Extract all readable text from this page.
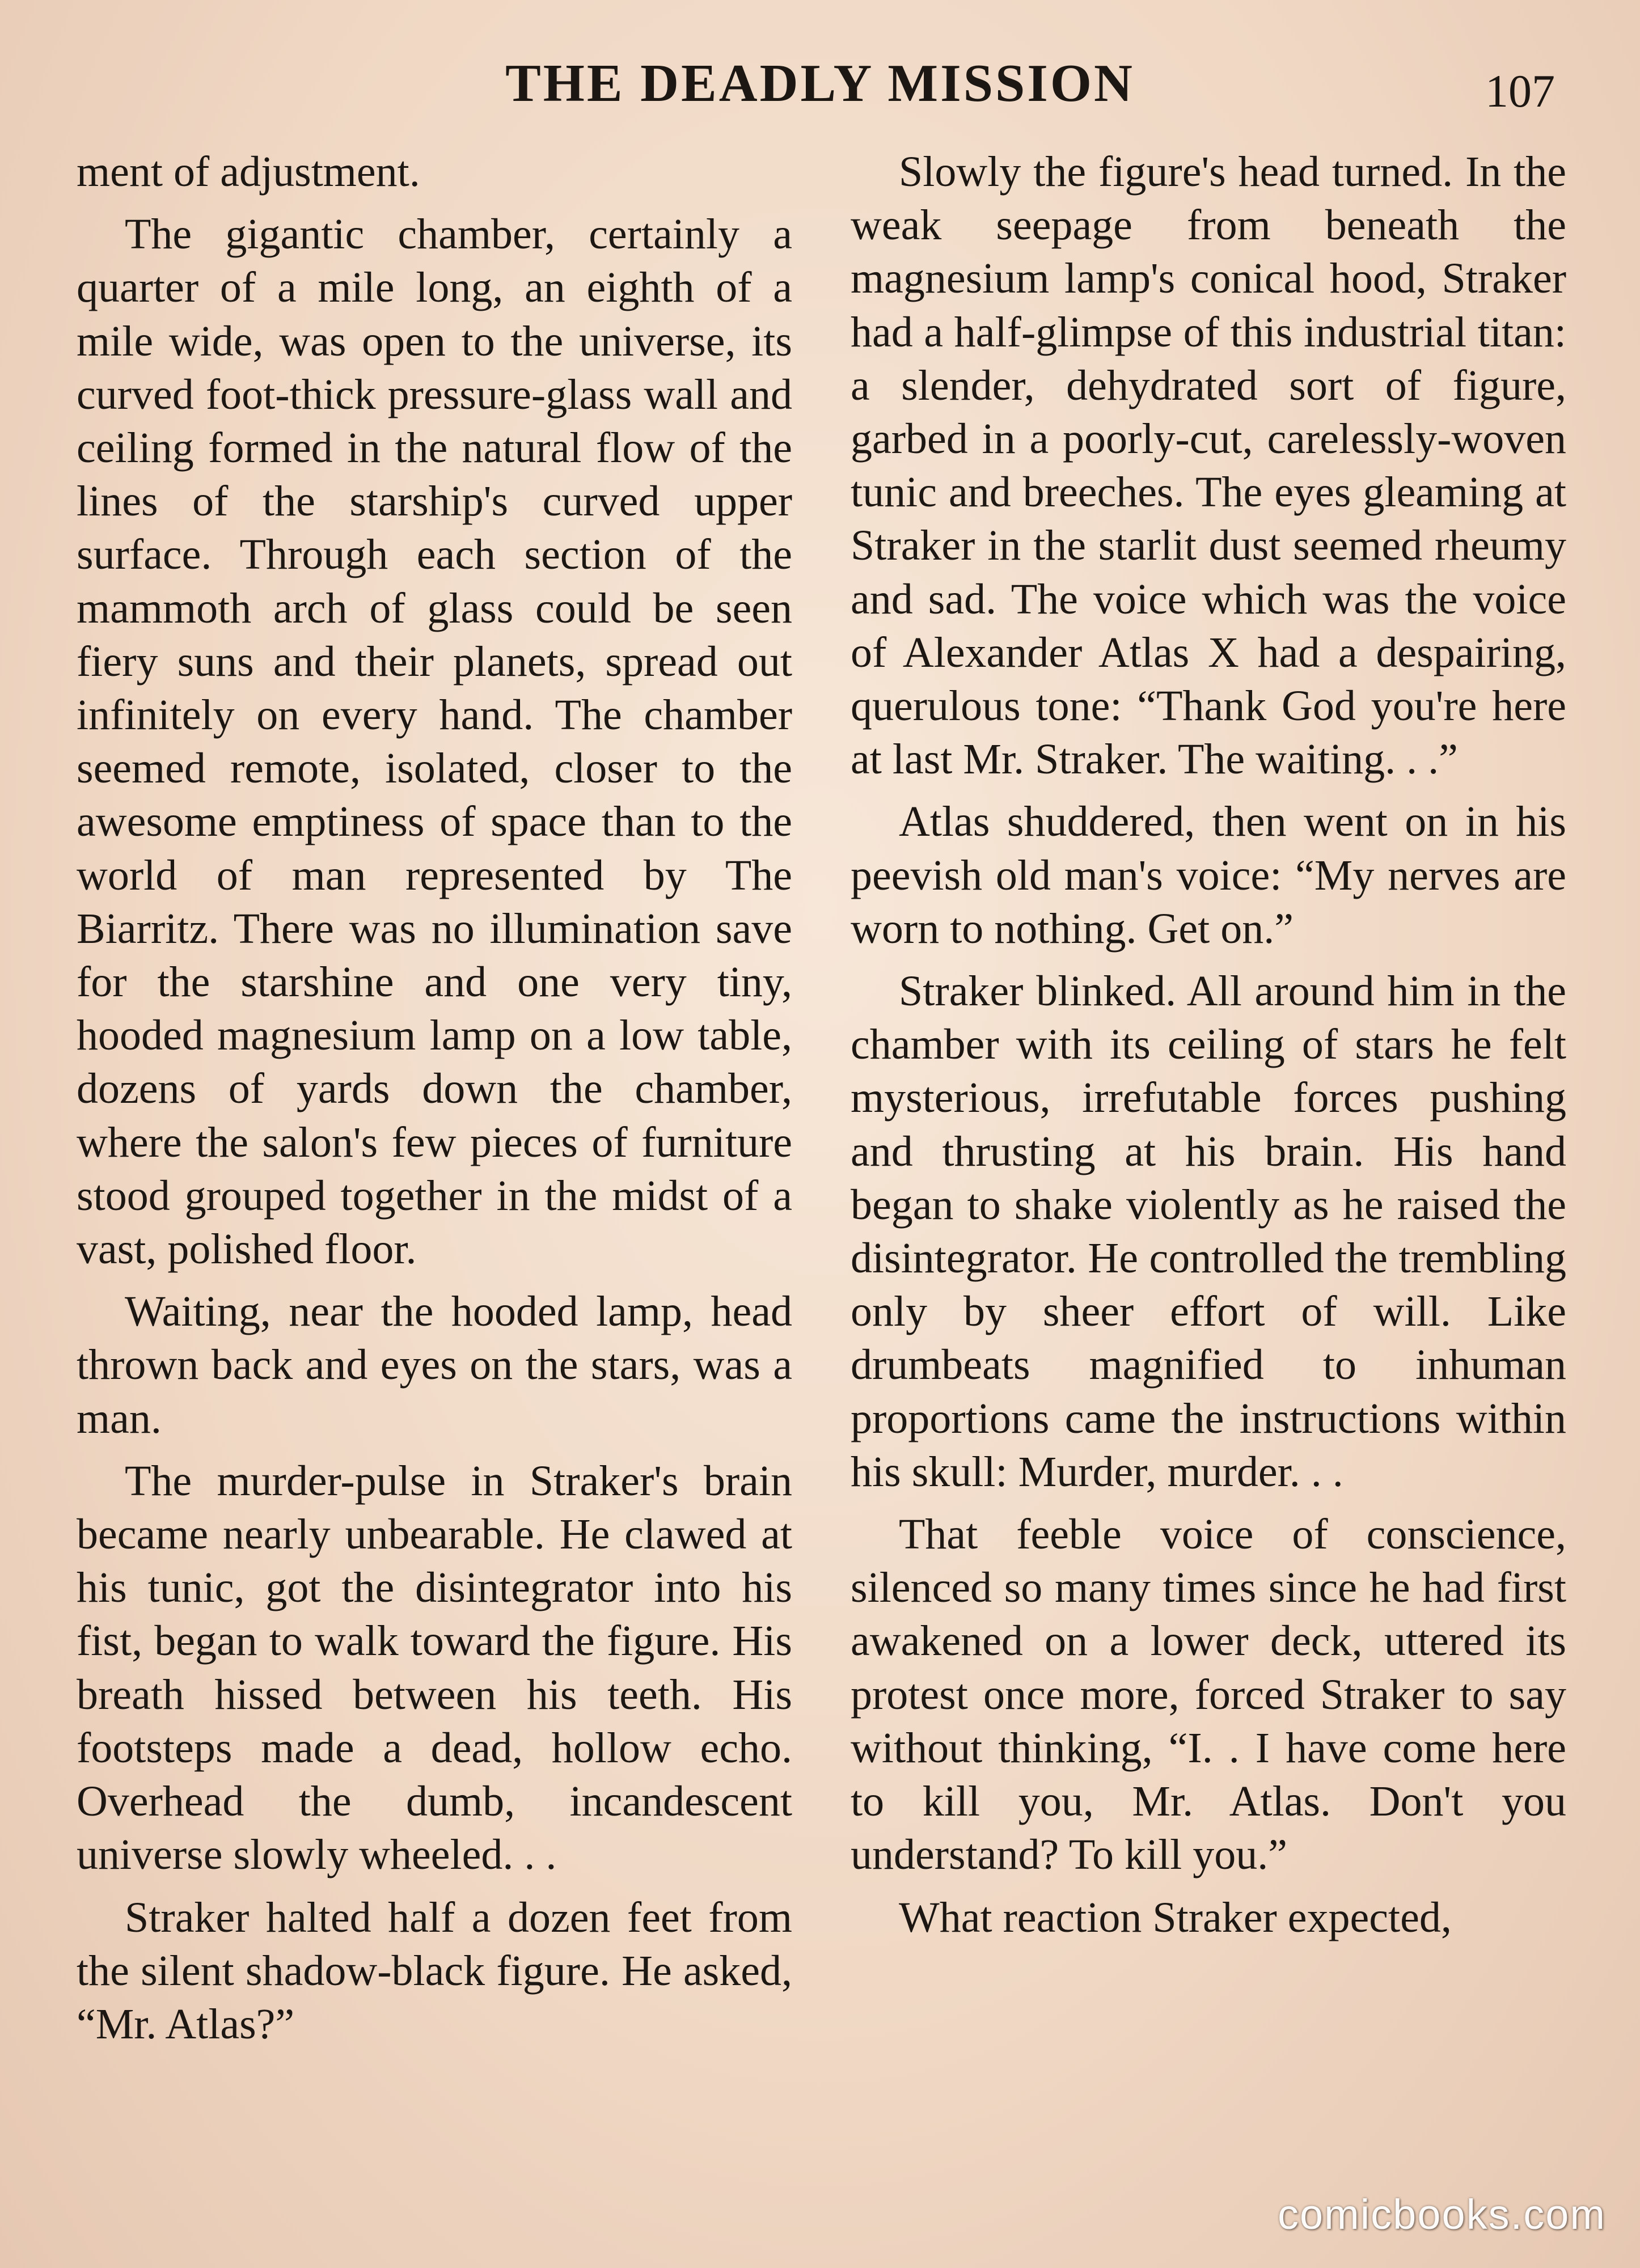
THE DEADLY MISSION	107

ment of adjustment.

The gigantic chamber, certainly a quarter of a mile long, an eighth of a mile wide, was open to the universe, its curved foot-thick pressure-glass wall and ceiling formed in the natural flow of the lines of the starship's curved upper surface. Through each section of the mammoth arch of glass could be seen fiery suns and their planets, spread out infinitely on every hand. The chamber seemed remote, isolated, closer to the awesome emptiness of space than to the world of man represented by The Biarritz. There was no illumination save for the starshine and one very tiny, hooded magnesium lamp on a low table, dozens of yards down the chamber, where the salon's few pieces of furniture stood grouped together in the midst of a vast, polished floor.

Waiting, near the hooded lamp, head thrown back and eyes on the stars, was a man.

The murder-pulse in Straker's brain became nearly unbearable. He clawed at his tunic, got the disintegrator into his fist, began to walk toward the figure. His breath hissed between his teeth. His footsteps made a dead, hollow echo. Overhead the dumb, incandescent universe slowly wheeled. . .

Straker halted half a dozen feet from the silent shadow-black figure. He asked, “Mr. Atlas?”

Slowly the figure's head turned. In the weak seepage from beneath the magnesium lamp's conical hood, Straker had a half-glimpse of this industrial titan: a slender, dehydrated sort of figure, garbed in a poorly-cut, carelessly-woven tunic and breeches. The eyes gleaming at Straker in the starlit dust seemed rheumy and sad. The voice which was the voice of Alexander Atlas X had a despairing, querulous tone: “Thank God you're here at last Mr. Straker. The waiting. . .”

Atlas shuddered, then went on in his peevish old man's voice: “My nerves are worn to nothing. Get on.”

Straker blinked. All around him in the chamber with its ceiling of stars he felt mysterious, irrefutable forces pushing and thrusting at his brain. His hand began to shake violently as he raised the disintegrator. He controlled the trembling only by sheer effort of will. Like drumbeats magnified to inhuman proportions came the instructions within his skull: Murder, murder. . .

That feeble voice of conscience, silenced so many times since he had first awakened on a lower deck, uttered its protest once more, forced Straker to say without thinking, “I. . I have come here to kill you, Mr. Atlas. Don't you understand? To kill you.”

What reaction Straker expected,

comicbooks.com
